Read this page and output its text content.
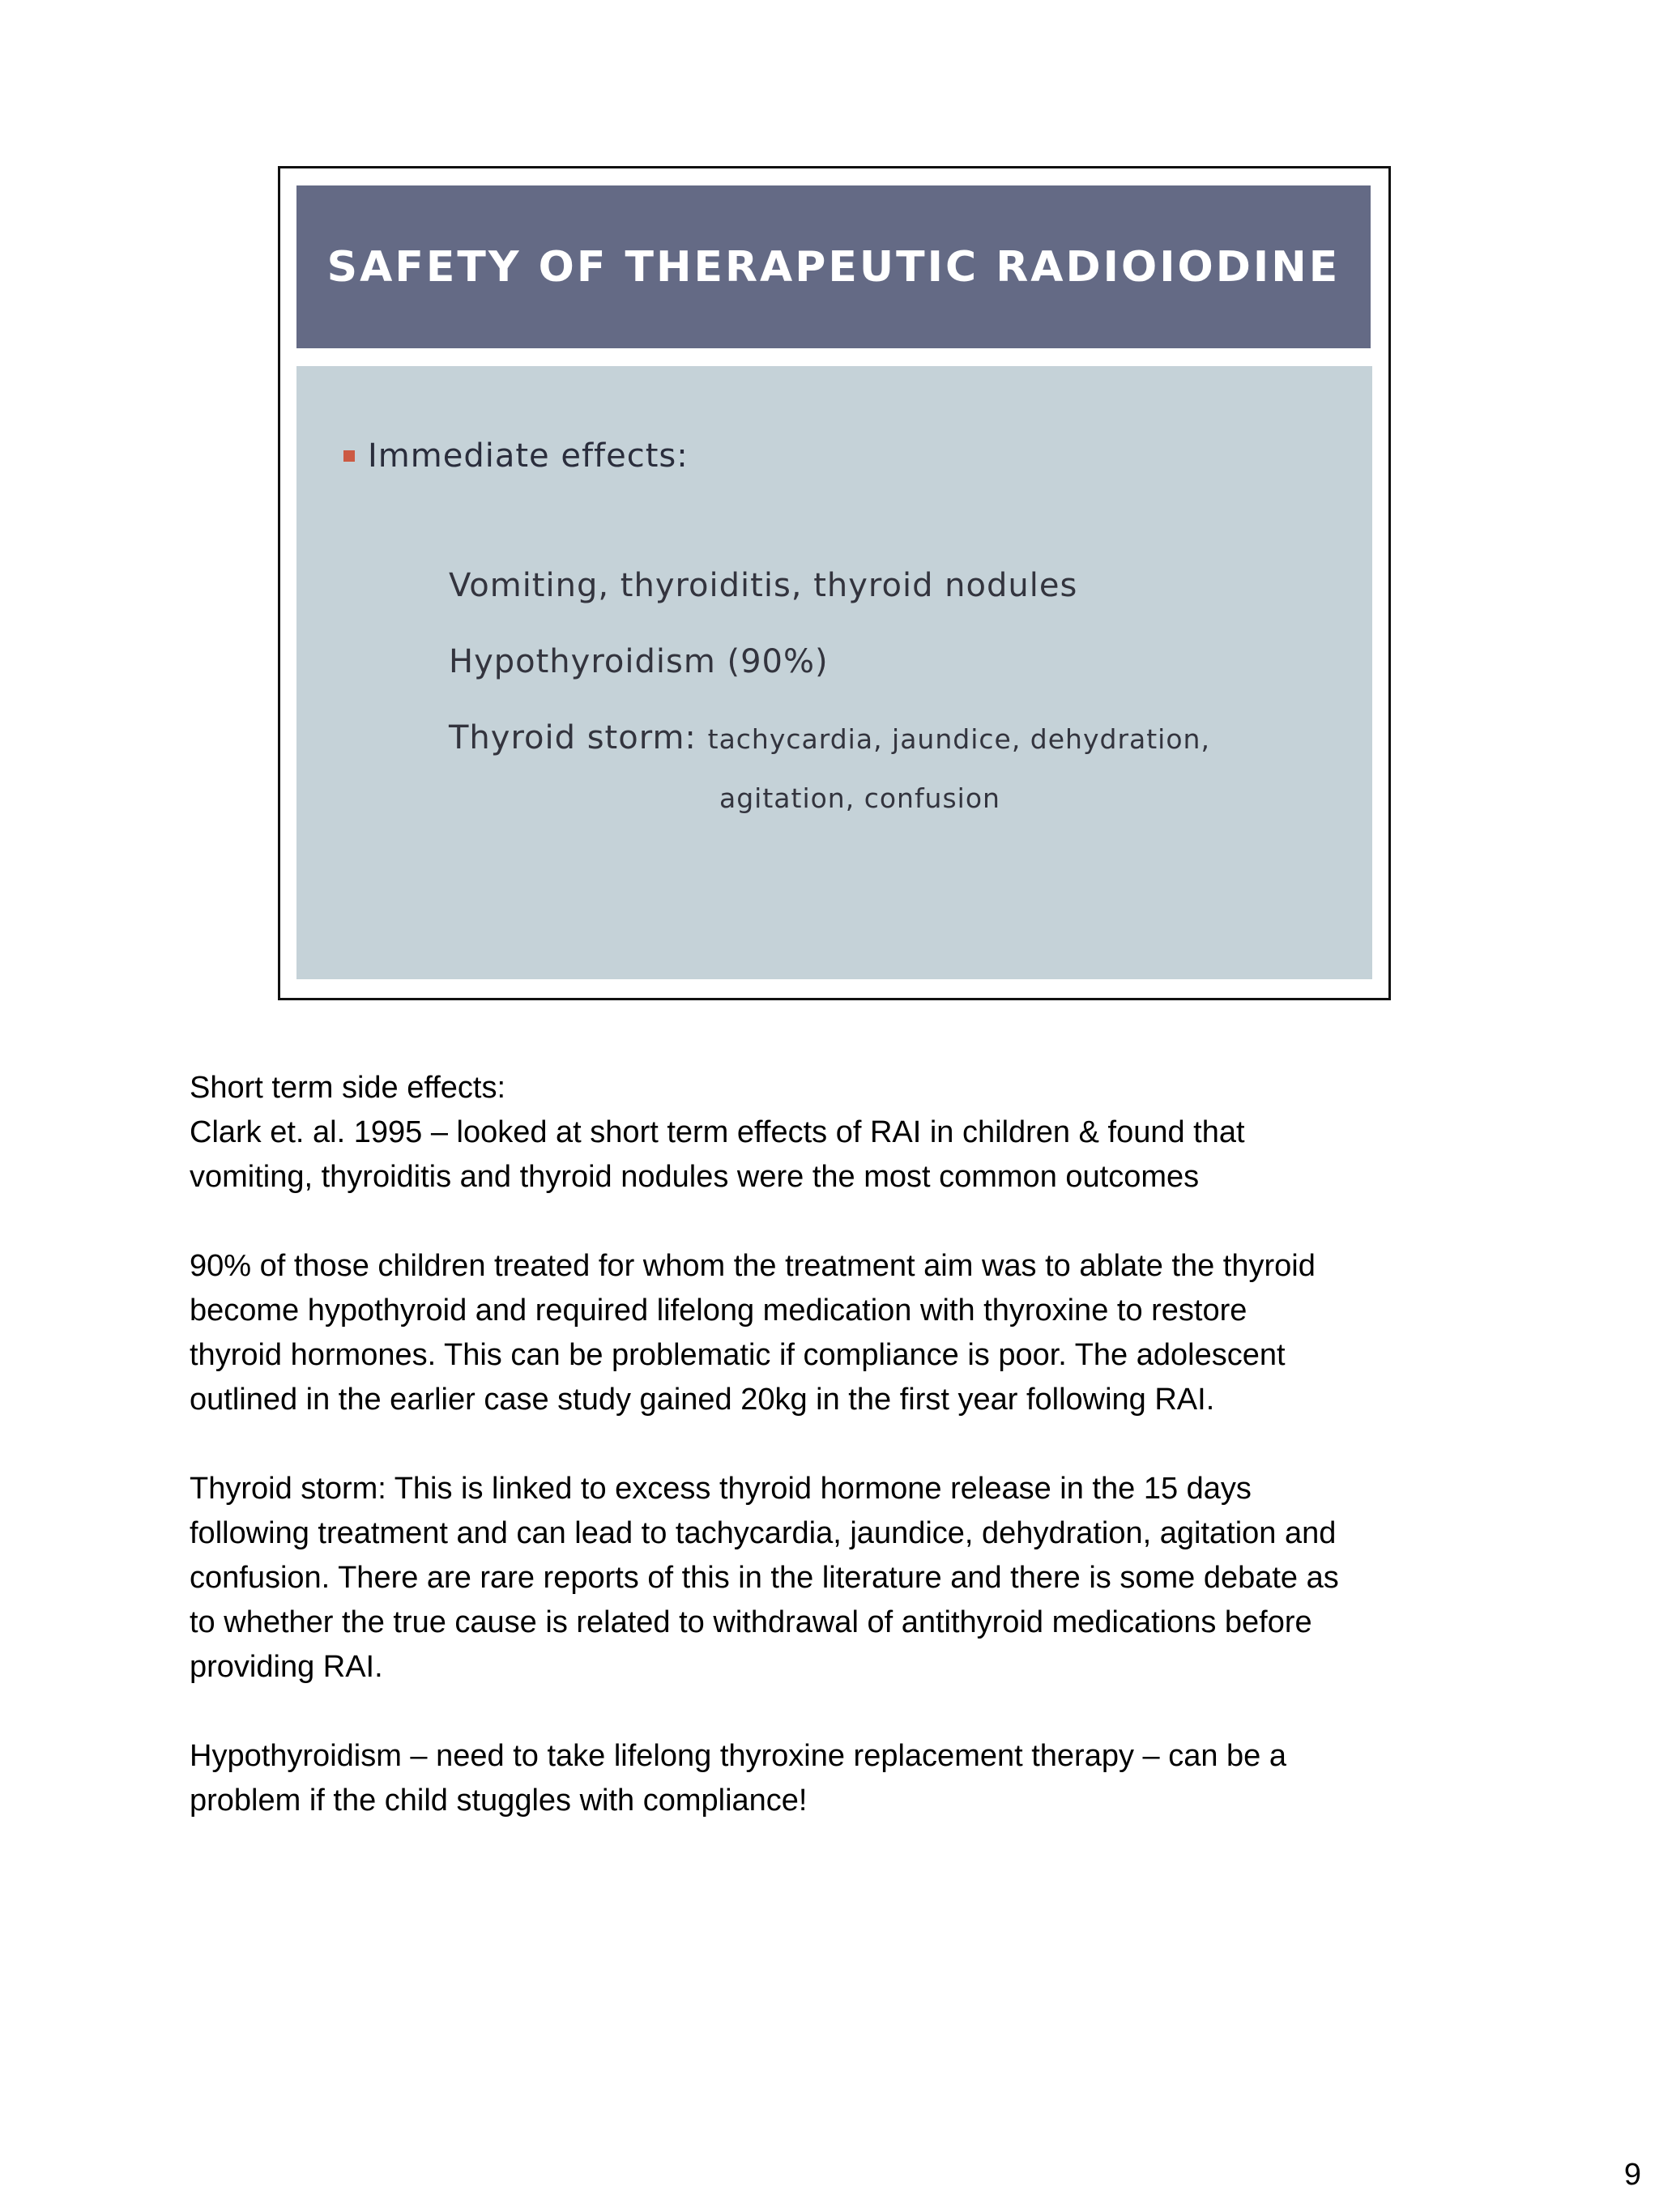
SAFETY OF THERAPEUTIC RADIOIODINE
Immediate effects:
Vomiting, thyroiditis, thyroid nodules
Hypothyroidism (90%)
Thyroid storm: tachycardia, jaundice, dehydration,
agitation, confusion

Short term side effects:

Clark et. al. 1995 – looked at short term effects of RAI in children & found that

vomiting, thyroiditis and thyroid nodules were the most common outcomes

90% of those children treated for whom the treatment aim was to ablate the thyroid

become hypothyroid and required lifelong medication with thyroxine to restore

thyroid hormones. This can be problematic if compliance is poor. The adolescent

outlined in the earlier case study gained 20kg in the first year following RAI.

Thyroid storm: This is linked to excess thyroid hormone release in the 15 days

following treatment and can lead to tachycardia, jaundice, dehydration, agitation and

confusion. There are rare reports of this in the literature and there is some debate as

to whether the true cause is related to withdrawal of antithyroid medications before

providing RAI.

Hypothyroidism – need to take lifelong thyroxine replacement therapy – can be a

problem if the child stuggles with compliance!

9
